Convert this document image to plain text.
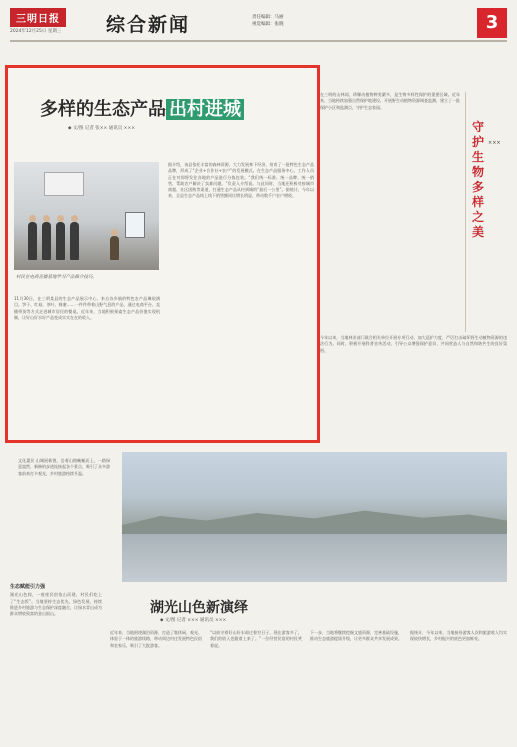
三明日报
2024年12月25日 星期三 综合新闻	责任编辑：马丽
视觉编辑：张晓	3
多样的生态产品 出村进城
◆ 文/图 记者 张×× 通讯员 ×××
村民在电商直播基地学习产品推介技巧。
11月30日，在三明某县的生态产品展示中心，来自各乡镇的特色农产品琳琅满目。笋干、红菇、茶叶、蜂蜜……一件件带着山野气息的产品，通过电商平台、直播带货等方式走进城市居民的餐桌。近年来，当地积极探索生态产品价值实现机制，让好山好水好产品变成实实在在的收入。
据介绍，该县依托丰富的森林资源，大力发展林下经济，培育了一批特色生态产品品牌，形成了“企业+合作社+农户”的发展模式。在生态产品服务中心，工作人员正在对即将发往各地的产品进行分拣包装。“我们统一标准、统一品牌、统一销售，帮助农户解决了卖难问题。”负责人介绍说。与此同时，当地还积极对接城市商超、社区团购等渠道，打通生态产品从村到城的“最后一公里”。据统计，今年以来，全县生态产品线上线下销售额同比增长明显，带动数千户农户增收。
在三明的山林间，珍稀动植物种类繁多，是生物多样性保护的重要区域。近年来，当地持续加强自然保护地建设，开展野生动植物资源调查监测，建立了一批保护小区和监测点，守护生态家园。
守护生物多样之美
×××
今年以来，当地林业部门联合相关单位开展专项行动，加大巡护力度，严厉打击破坏野生动植物资源的违法行为。同时，积极开展科普宣传活动，引导公众增强保护意识，共同营造人与自然和谐共生的良好氛围。
文化惠民 山城展新貌，沿着山路蜿蜒而上，一路绿意盎然，新修的步道连接起各个景点，吸引了众多游客前来打卡观光，乡村旅游持续升温。
湖光山色新演绎
◆ 文/图 记者 ××× 通讯员 ×××
生态赋能引力强
湖光山色间，一座座民宿依山而建，村民们吃上了“生态饭”。当地坚持生态优先、绿色发展，持续推进乡村旅游与生态保护深度融合，让绿水青山成为群众增收致富的金山银山。
近年来，当地围绕湖泊资源，打造了集休闲、观光、体验于一体的旅游线路，带动周边村庄发展特色民宿和农家乐，吸引了大批游客。
“以前守着好山好水却过着穷日子，现在游客多了，我们的收入也跟着上来了。”一位经营民宿的村民笑着说。
下一步，当地将继续挖掘文旅资源，完善基础设施，推动生态旅游提质升级，让更多群众共享发展成果。
据统计，今年以来，当地接待游客人次和旅游收入均实现较快增长，乡村振兴的底色更加鲜亮。
